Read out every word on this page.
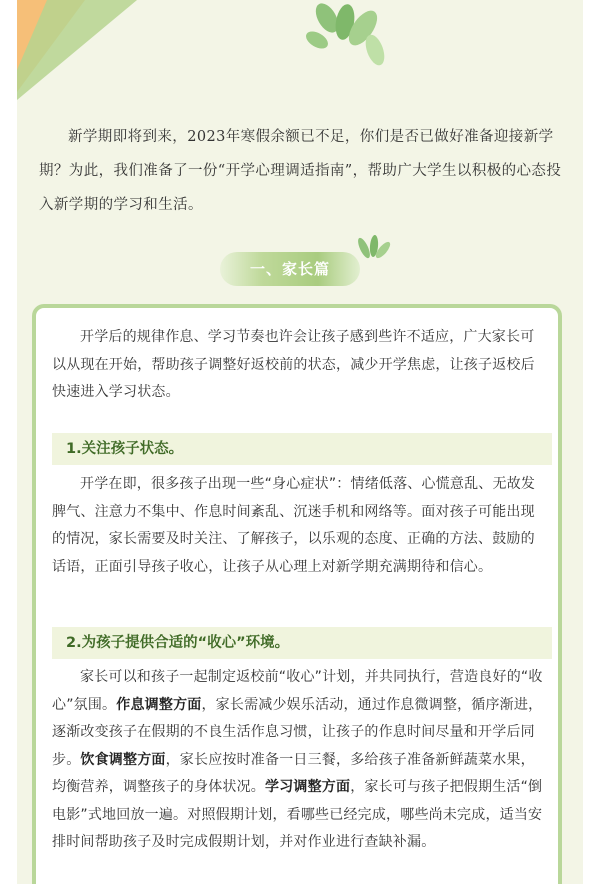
新学期即将到来，2023年寒假余额已不足，你们是否已做好准备迎接新学期？为此，我们准备了一份“开学心理调适指南”，帮助广大学生以积极的心态投入新学期的学习和生活。

一、家长篇

开学后的规律作息、学习节奏也许会让孩子感到些许不适应，广大家长可以从现在开始，帮助孩子调整好返校前的状态，减少开学焦虑，让孩子返校后快速进入学习状态。

1.关注孩子状态。

开学在即，很多孩子出现一些“身心症状”：情绪低落、心慌意乱、无故发脾气、注意力不集中、作息时间紊乱、沉迷手机和网络等。面对孩子可能出现的情况，家长需要及时关注、了解孩子，以乐观的态度、正确的方法、鼓励的话语，正面引导孩子收心，让孩子从心理上对新学期充满期待和信心。

2.为孩子提供合适的“收心”环境。

家长可以和孩子一起制定返校前“收心”计划，并共同执行，营造良好的“收心”氛围。作息调整方面，家长需减少娱乐活动，通过作息微调整，循序渐进，逐渐改变孩子在假期的不良生活作息习惯，让孩子的作息时间尽量和开学后同步。饮食调整方面，家长应按时准备一日三餐，多给孩子准备新鲜蔬菜水果，均衡营养，调整孩子的身体状况。学习调整方面，家长可与孩子把假期生活“倒电影”式地回放一遍。对照假期计划，看哪些已经完成，哪些尚未完成，适当安排时间帮助孩子及时完成假期计划，并对作业进行查缺补漏。
